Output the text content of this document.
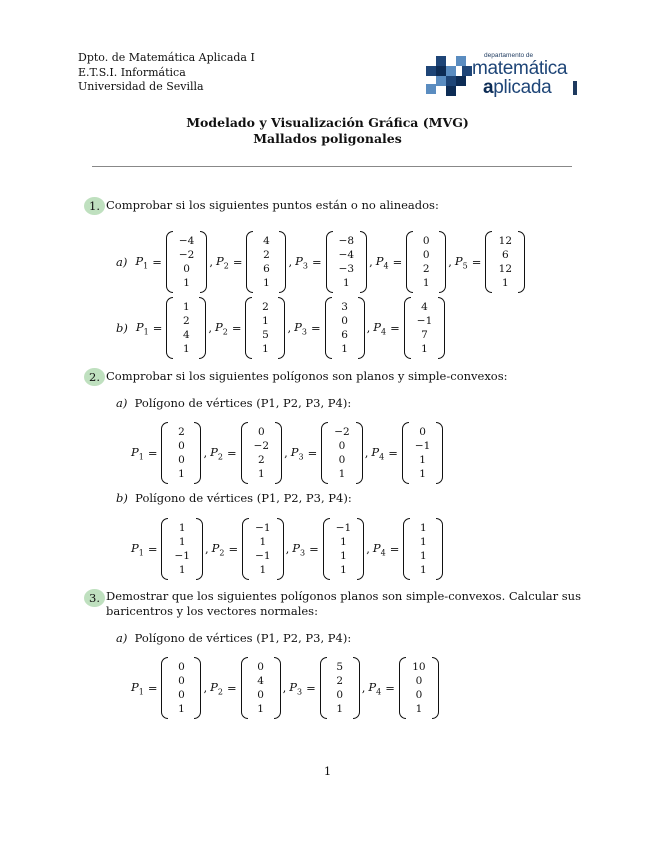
Dpto. de Matemática Aplicada I
E.T.S.I. Informática
Universidad de Sevilla
departamento de
matemática
aplicada
Modelado y Visualización Gráfica (MVG)
Mallados poligonales
1. Comprobar si los siguientes puntos están o no alineados:
a) $P_1$ =
−4
−2
0
1
, $P_2$ =
4
2
6
1
, $P_3$ =
−8
−4
−3
1
, $P_4$ =
0
0
2
1
, $P_5$ =
12
6
12
1
b) $P_1$ =
1
2
4
1
, $P_2$ =
2
1
5
1
, $P_3$ =
3
0
6
1
, $P_4$ =
4
−1
7
1
2. Comprobar si los siguientes polígonos son planos y simple-convexos:
a) Polígono de vértices (P1, P2, P3, P4):
$P_1$ =
2
0
0
1
, $P_2$ =
0
−2
2
1
, $P_3$ =
−2
0
0
1
, $P_4$ =
0
−1
1
1
b) Polígono de vértices (P1, P2, P3, P4):
$P_1$ =
1
1
−1
1
, $P_2$ =
−1
1
−1
1
, $P_3$ =
−1
1
1
1
, $P_4$ =
1
1
1
1
3. Demostrar que los siguientes polígonos planos son simple-convexos. Calcular sus baricentros y los vectores normales:
a) Polígono de vértices (P1, P2, P3, P4):
$P_1$ =
0
0
0
1
, $P_2$ =
0
4
0
1
, $P_3$ =
5
2
0
1
, $P_4$ =
10
0
0
1
1
